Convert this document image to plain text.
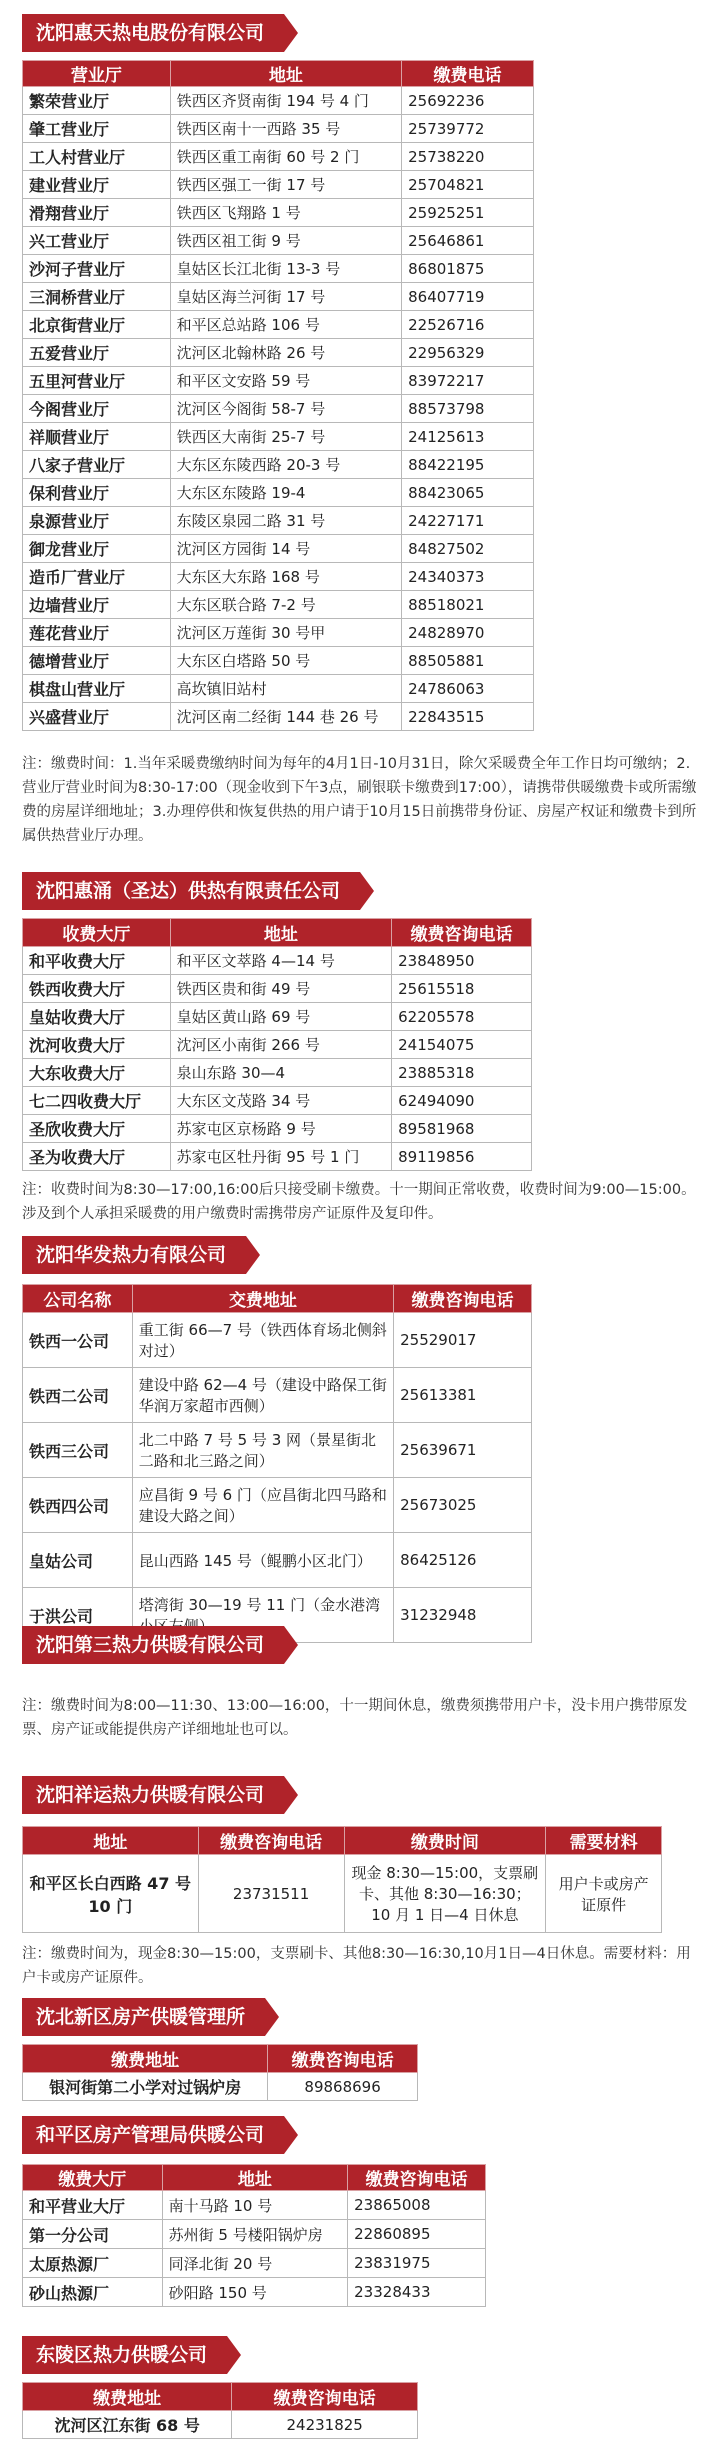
沈阳惠天热电股份有限公司
营业厅	地址	缴费电话
繁荣营业厅	铁西区齐贤南街 194 号 4 门	25692236
肇工营业厅	铁西区南十一西路 35 号	25739772
工人村营业厅	铁西区重工南街 60 号 2 门	25738220
建业营业厅	铁西区强工一街 17 号	25704821
滑翔营业厅	铁西区飞翔路 1 号	25925251
兴工营业厅	铁西区祖工街 9 号	25646861
沙河子营业厅	皇姑区长江北街 13-3 号	86801875
三洞桥营业厅	皇姑区海兰河街 17 号	86407719
北京街营业厅	和平区总站路 106 号	22526716
五爱营业厅	沈河区北翰林路 26 号	22956329
五里河营业厅	和平区文安路 59 号	83972217
今阁营业厅	沈河区今阁街 58-7 号	88573798
祥顺营业厅	铁西区大南街 25-7 号	24125613
八家子营业厅	大东区东陵西路 20-3 号	88422195
保利营业厅	大东区东陵路 19-4	88423065
泉源营业厅	东陵区泉园二路 31 号	24227171
御龙营业厅	沈河区方园街 14 号	84827502
造币厂营业厅	大东区大东路 168 号	24340373
边墙营业厅	大东区联合路 7-2 号	88518021
莲花营业厅	沈河区万莲街 30 号甲	24828970
德增营业厅	大东区白塔路 50 号	88505881
棋盘山营业厅	高坎镇旧站村	24786063
兴盛营业厅	沈河区南二经街 144 巷 26 号	22843515
注：缴费时间：1.当年采暖费缴纳时间为每年的4月1日-10月31日，除欠采暖费全年工作日均可缴纳；2.营业厅营业时间为8:30-17:00（现金收到下午3点，刷银联卡缴费到17:00），请携带供暖缴费卡或所需缴费的房屋详细地址；3.办理停供和恢复供热的用户请于10月15日前携带身份证、房屋产权证和缴费卡到所属供热营业厅办理。
沈阳惠涌（圣达）供热有限责任公司
收费大厅	地址	缴费咨询电话
和平收费大厅	和平区文萃路 4—14 号	23848950
铁西收费大厅	铁西区贵和街 49 号	25615518
皇姑收费大厅	皇姑区黄山路 69 号	62205578
沈河收费大厅	沈河区小南街 266 号	24154075
大东收费大厅	泉山东路 30—4	23885318
七二四收费大厅	大东区文茂路 34 号	62494090
圣欣收费大厅	苏家屯区京杨路 9 号	89581968
圣为收费大厅	苏家屯区牡丹街 95 号 1 门	89119856
注：收费时间为8:30—17:00,16:00后只接受刷卡缴费。十一期间正常收费，收费时间为9:00—15:00。涉及到个人承担采暖费的用户缴费时需携带房产证原件及复印件。
沈阳华发热力有限公司
公司名称	交费地址	缴费咨询电话
铁西一公司	重工街 66—7 号（铁西体育场北侧斜对过）	25529017
铁西二公司	建设中路 62—4 号（建设中路保工街华润万家超市西侧）	25613381
铁西三公司	北二中路 7 号 5 号 3 网（景星街北二路和北三路之间）	25639671
铁西四公司	应昌街 9 号 6 门（应昌街北四马路和建设大路之间）	25673025
皇姑公司	昆山西路 145 号（鲲鹏小区北门）	86425126
于洪公司	塔湾街 30—19 号 11 门（金水港湾	31232948
沈阳第三热力供暖有限公司
注：缴费时间为8:00—11:30、13:00—16:00，十一期间休息，缴费须携带用户卡，没卡用户携带原发票、房产证或能提供房产详细地址也可以。
沈阳祥运热力供暖有限公司
地址	缴费咨询电话	缴费时间	需要材料
和平区长白西路 47 号 10 门	23731511	现金 8:30—15:00，支票刷卡、其他 8:30—16:30；10 月 1 日—4 日休息	用户卡或房产证原件
注：缴费时间为，现金8:30—15:00，支票刷卡、其他8:30—16:30,10月1日—4日休息。需要材料：用户卡或房产证原件。
沈北新区房产供暖管理所
缴费地址	缴费咨询电话
银河街第二小学对过锅炉房	89868696
和平区房产管理局供暖公司
缴费大厅	地址	缴费咨询电话
和平营业大厅	南十马路 10 号	23865008
第一分公司	苏州街 5 号楼阳锅炉房	22860895
太原热源厂	同泽北街 20 号	23831975
砂山热源厂	砂阳路 150 号	23328433
东陵区热力供暖公司
缴费地址	缴费咨询电话
沈河区江东街 68 号	24231825
